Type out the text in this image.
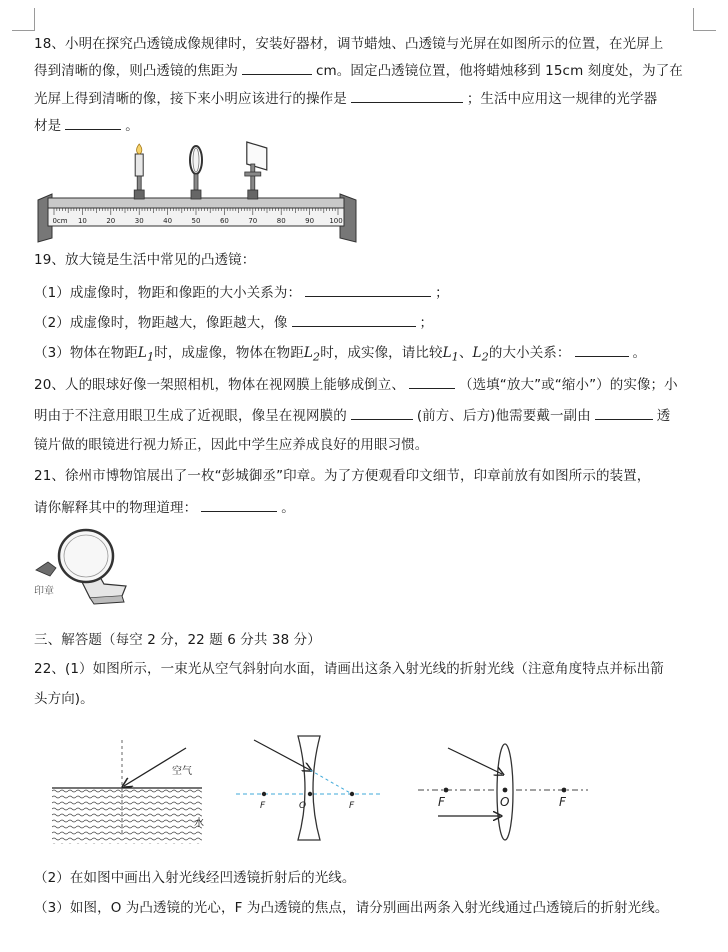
18、小明在探究凸透镜成像规律时，安装好器材，调节蜡烛、凸透镜与光屏在如图所示的位置，在光屏上
得到清晰的像，则凸透镜的焦距为	cm。固定凸透镜位置，他将蜡烛移到 15cm 刻度处，为了在
光屏上得到清晰的像，接下来小明应该进行的操作是	；生活中应用这一规律的光学器
材是	。
0cm 10	20	30	40	50	60	70	80	90 100
19、放大镜是生活中常见的凸透镜：
（1）成虚像时，物距和像距的大小关系为：	；
（2）成虚像时，物距越大，像距越大，像	；
（3）物体在物距$L_1$时，成虚像，物体在物距$L_2$时，成实像，请比较$L_1$、$L_2$的大小关系：	。
20、人的眼球好像一架照相机，物体在视网膜上能够成倒立、	（选填“放大”或“缩小”）的实像；小
明由于不注意用眼卫生成了近视眼，像呈在视网膜的	(前方、后方)他需要戴一副由	透
镜片做的眼镜进行视力矫正，因此中学生应养成良好的用眼习惯。
21、徐州市博物馆展出了一枚“彭城御丞”印章。为了方便观看印文细节，印章前放有如图所示的装置，
请你解释其中的物理道理：	。
印章
三、解答题（每空 2 分，22 题 6 分共 38 分）
22、(1）如图所示，一束光从空气斜射向水面，请画出这条入射光线的折射光线（注意角度特点并标出箭
头方向)。
空气
水
F	O	F	F	O	F
（2）在如图中画出入射光线经凹透镜折射后的光线。
（3）如图，O 为凸透镜的光心，F 为凸透镜的焦点，请分别画出两条入射光线通过凸透镜后的折射光线。
